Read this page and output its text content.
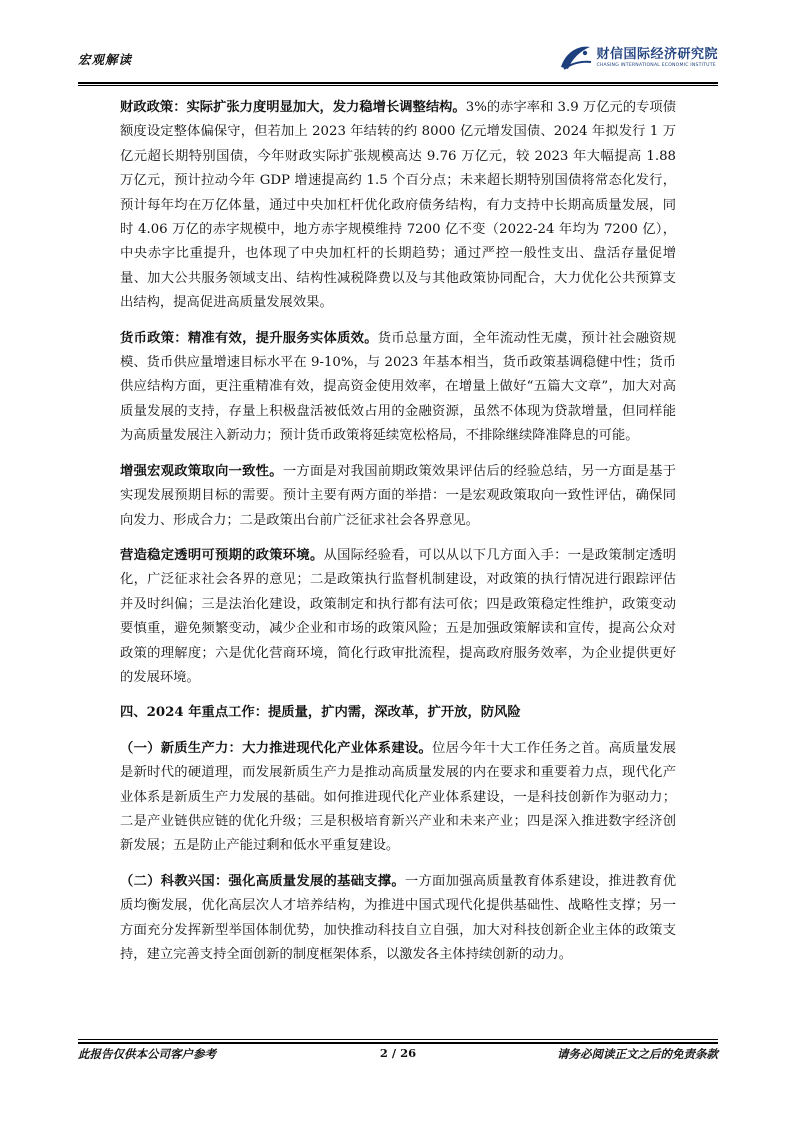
宏观解读	财信国际经济研究院
CHASING INTERNATIONAL ECONOMIC INSTITUTE

财政政策：实际扩张力度明显加大，发力稳增长调整结构。3%的赤字率和 3.9 万亿元的专项债额度设定整体偏保守，但若加上 2023 年结转的约 8000 亿元增发国债、2024 年拟发行 1 万亿元超长期特别国债，今年财政实际扩张规模高达 9.76 万亿元，较 2023 年大幅提高 1.88 万亿元，预计拉动今年 GDP 增速提高约 1.5 个百分点；未来超长期特别国债将常态化发行，预计每年均在万亿体量，通过中央加杠杆优化政府债务结构，有力支持中长期高质量发展，同时 4.06 万亿的赤字规模中，地方赤字规模维持 7200 亿不变（2022-24 年均为 7200 亿），中央赤字比重提升，也体现了中央加杠杆的长期趋势；通过严控一般性支出、盘活存量促增量、加大公共服务领域支出、结构性减税降费以及与其他政策协同配合，大力优化公共预算支出结构，提高促进高质量发展效果。

货币政策：精准有效，提升服务实体质效。货币总量方面，全年流动性无虞，预计社会融资规模、货币供应量增速目标水平在 9-10%，与 2023 年基本相当，货币政策基调稳健中性；货币供应结构方面，更注重精准有效，提高资金使用效率，在增量上做好“五篇大文章”，加大对高质量发展的支持，存量上积极盘活被低效占用的金融资源，虽然不体现为贷款增量，但同样能为高质量发展注入新动力；预计货币政策将延续宽松格局，不排除继续降准降息的可能。

增强宏观政策取向一致性。一方面是对我国前期政策效果评估后的经验总结，另一方面是基于实现发展预期目标的需要。预计主要有两方面的举措：一是宏观政策取向一致性评估，确保同向发力、形成合力；二是政策出台前广泛征求社会各界意见。

营造稳定透明可预期的政策环境。从国际经验看，可以从以下几方面入手：一是政策制定透明化，广泛征求社会各界的意见；二是政策执行监督机制建设，对政策的执行情况进行跟踪评估并及时纠偏；三是法治化建设，政策制定和执行都有法可依；四是政策稳定性维护，政策变动要慎重，避免频繁变动，减少企业和市场的政策风险；五是加强政策解读和宣传，提高公众对政策的理解度；六是优化营商环境，简化行政审批流程，提高政府服务效率，为企业提供更好的发展环境。

四、2024 年重点工作：提质量，扩内需，深改革，扩开放，防风险

（一）新质生产力：大力推进现代化产业体系建设。位居今年十大工作任务之首。高质量发展是新时代的硬道理，而发展新质生产力是推动高质量发展的内在要求和重要着力点，现代化产业体系是新质生产力发展的基础。如何推进现代化产业体系建设，一是科技创新作为驱动力；二是产业链供应链的优化升级；三是积极培育新兴产业和未来产业；四是深入推进数字经济创新发展；五是防止产能过剩和低水平重复建设。

（二）科教兴国：强化高质量发展的基础支撑。一方面加强高质量教育体系建设，推进教育优质均衡发展，优化高层次人才培养结构，为推进中国式现代化提供基础性、战略性支撑；另一方面充分发挥新型举国体制优势，加快推动科技自立自强，加大对科技创新企业主体的政策支持，建立完善支持全面创新的制度框架体系，以激发各主体持续创新的动力。

此报告仅供本公司客户参考	2 / 26	请务必阅读正文之后的免责条款
